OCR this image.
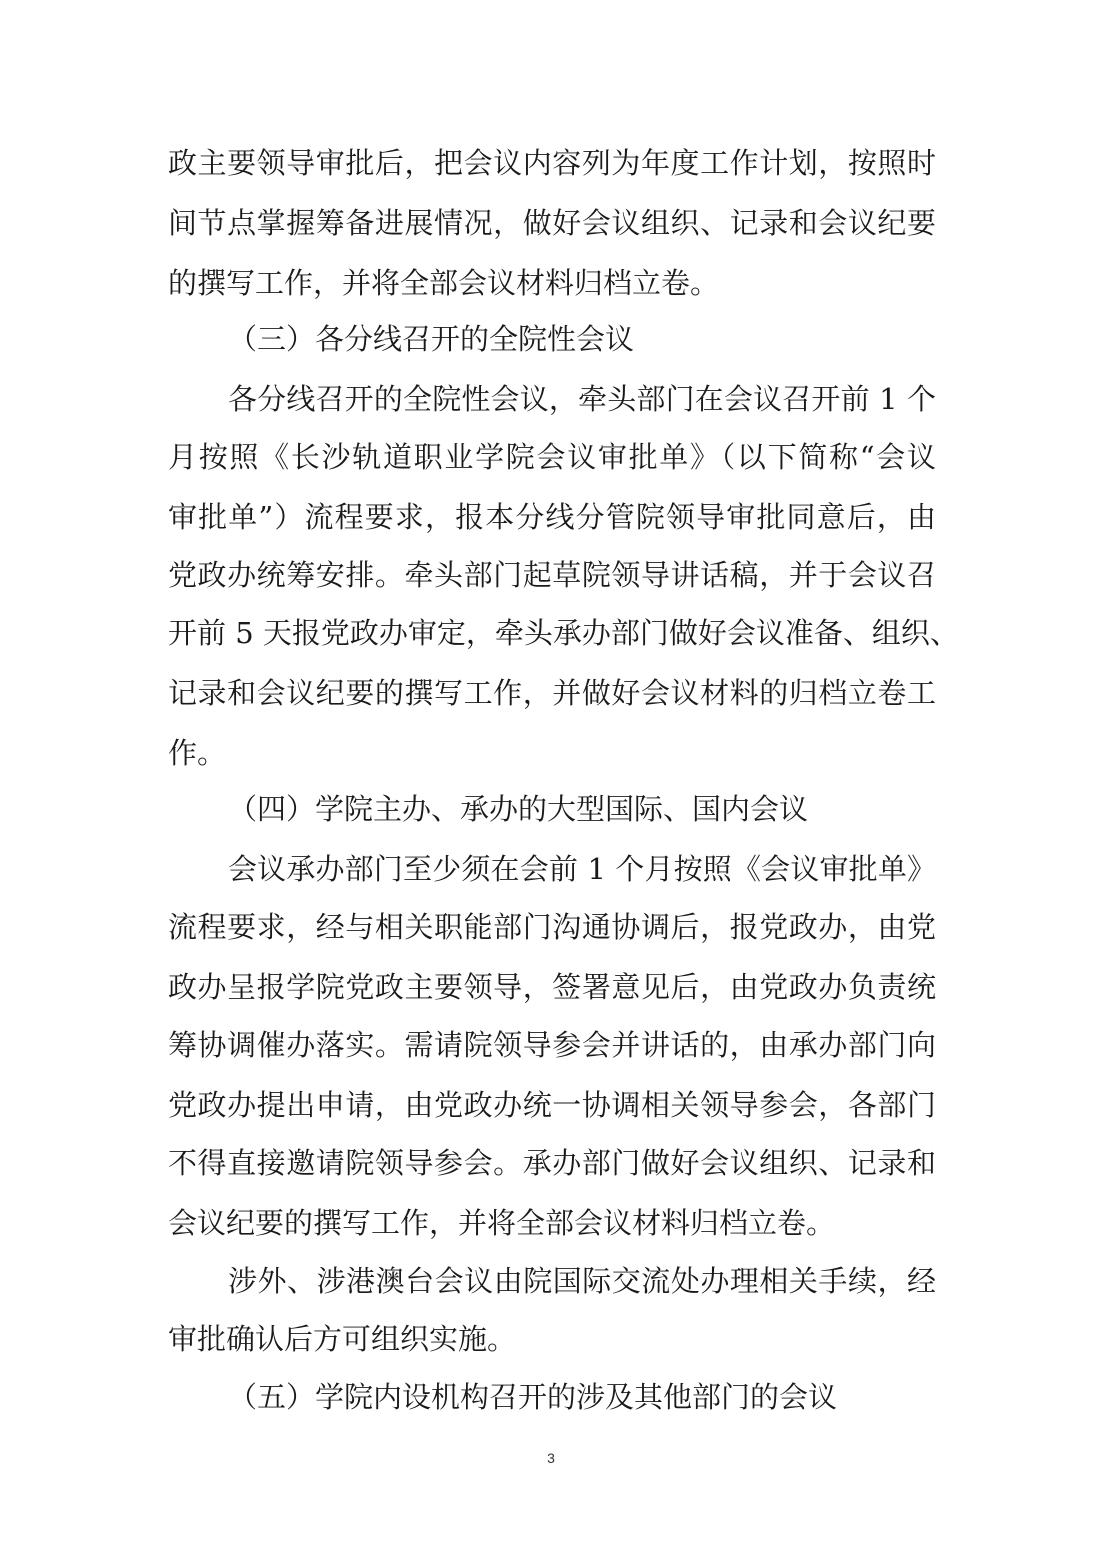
政主要领导审批后，把会议内容列为年度工作计划，按照时
间节点掌握筹备进展情况，做好会议组织、记录和会议纪要
的撰写工作，并将全部会议材料归档立卷。
（三）各分线召开的全院性会议
各分线召开的全院性会议，牵头部门在会议召开前 1 个
月按照《长沙轨道职业学院会议审批单》（以下简称“会议
审批单”）流程要求，报本分线分管院领导审批同意后，由
党政办统筹安排。牵头部门起草院领导讲话稿，并于会议召
开前 5 天报党政办审定，牵头承办部门做好会议准备、组织、
记录和会议纪要的撰写工作，并做好会议材料的归档立卷工
作。
（四）学院主办、承办的大型国际、国内会议
会议承办部门至少须在会前 1 个月按照《会议审批单》
流程要求，经与相关职能部门沟通协调后，报党政办，由党
政办呈报学院党政主要领导，签署意见后，由党政办负责统
筹协调催办落实。需请院领导参会并讲话的，由承办部门向
党政办提出申请，由党政办统一协调相关领导参会，各部门
不得直接邀请院领导参会。承办部门做好会议组织、记录和
会议纪要的撰写工作，并将全部会议材料归档立卷。
涉外、涉港澳台会议由院国际交流处办理相关手续，经
审批确认后方可组织实施。
（五）学院内设机构召开的涉及其他部门的会议
3
